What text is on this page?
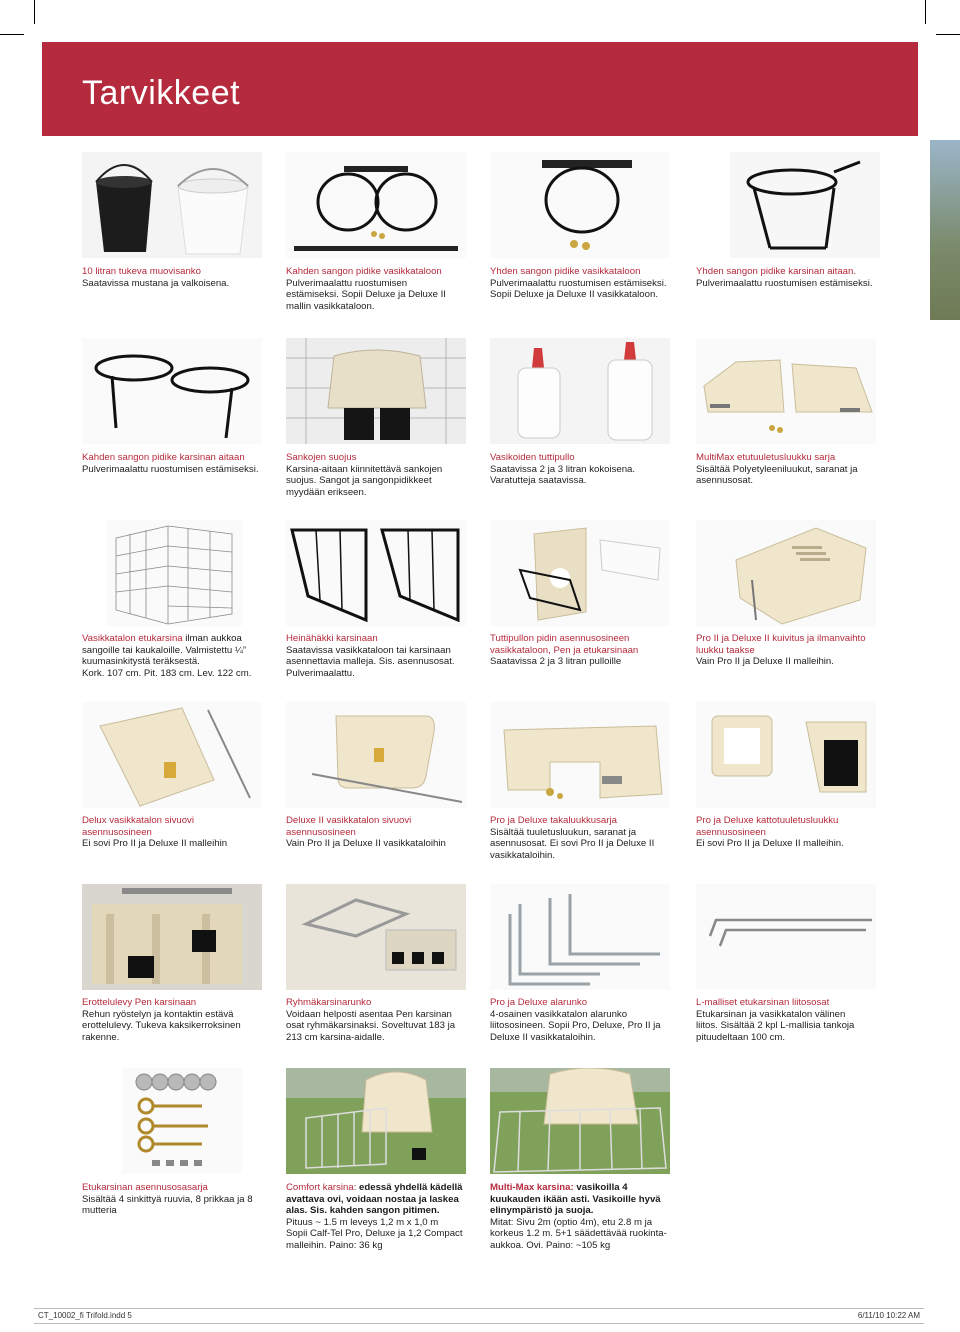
Tarvikkeet
10 litran tukeva muovisanko
Saatavissa mustana ja valkoisena.
Kahden sangon pidike vasikkataloon
Pulverimaalattu ruostumisen
estämiseksi. Sopii Deluxe ja Deluxe II
mallin vasikkataloon.
Yhden sangon pidike vasikkataloon
Pulverimaalattu ruostumisen estämiseksi.
Sopii Deluxe ja Deluxe II vasikkataloon.
Yhden sangon pidike karsinan aitaan.
Pulverimaalattu ruostumisen estämiseksi.
Kahden sangon pidike karsinan aitaan
Pulverimaalattu ruostumisen estämiseksi.
Sankojen suojus
Karsina-aitaan kiinnitettävä sankojen
suojus. Sangot ja sangonpidikkeet
myydään erikseen.
Vasikoiden tuttipullo
Saatavissa 2 ja 3 litran kokoisena.
Varatutteja saatavissa.
MultiMax etutuuletusluukku sarja
Sisältää Polyetyleeniluukut, saranat ja
asennusosat.
Vasikkatalon etukarsina ilman aukkoa
sangoille tai kaukaloille. Valmistettu ¼”
kuumasinkitystä teräksestä.
Kork. 107 cm. Pit. 183 cm. Lev. 122 cm.
Heinähäkki karsinaan
Saatavissa vasikkataloon tai karsinaan
asennettavia malleja. Sis. asennusosat.
Pulverimaalattu.
Tuttipullon pidin asennusosineen
vasikkataloon, Pen ja etukarsinaan
Saatavissa 2 ja 3 litran pulloille
Pro II ja Deluxe II kuivitus ja ilmanvaihto
luukku taakse
Vain Pro II ja Deluxe II malleihin.
Delux vasikkatalon sivuovi
asennusosineen
Ei sovi Pro II ja Deluxe II malleihin
Deluxe II vasikkatalon sivuovi
asennusosineen
Vain Pro II ja Deluxe II vasikkataloihin
Pro ja Deluxe takaluukkusarja
Sisältää tuuletusluukun, saranat ja
asennusosat. Ei sovi Pro II ja Deluxe II
vasikkataloihin.
Pro ja Deluxe kattotuuletusluukku
asennusosineen
Ei sovi Pro II ja Deluxe II malleihin.
Erottelulevy Pen karsinaan
Rehun ryöstelyn ja kontaktin estävä
erottelulevy. Tukeva kaksikerroksinen
rakenne.
Ryhmäkarsinarunko
Voidaan helposti asentaa Pen karsinan
osat ryhmäkarsinaksi. Soveltuvat 183 ja
213 cm karsina-aidalle.
Pro ja Deluxe alarunko
4-osainen vasikkatalon alarunko
liitososineen. Sopii Pro, Deluxe, Pro II ja
Deluxe II vasikkataloihin.
L-malliset etukarsinan liitososat
Etukarsinan ja vasikkatalon välinen
liitos. Sisältää 2 kpl L-mallisia tankoja
pituudeltaan 100 cm.
Etukarsinan asennusosasarja
Sisältää 4 sinkittyä ruuvia, 8 prikkaa ja 8
mutteria
Comfort karsina: edessä yhdellä kädellä
avattava ovi, voidaan nostaa ja laskea
alas. Sis. kahden sangon pitimen.
Pituus ~ 1.5 m leveys 1,2 m x 1,0 m
Sopii Calf-Tel Pro, Deluxe ja 1,2 Compact
malleihin. Paino: 36 kg
Multi-Max karsina: vasikoilla 4
kuukauden ikään asti. Vasikoille hyvä
elinympäristö ja suoja.
Mitat: Sivu 2m (optio 4m), etu 2.8 m ja
korkeus 1.2 m. 5+1 säädettävää ruokinta-
aukkoa. Ovi. Paino: ~105 kg
CT_10002_fi Trifold.indd 5	6/11/10 10:22 AM
